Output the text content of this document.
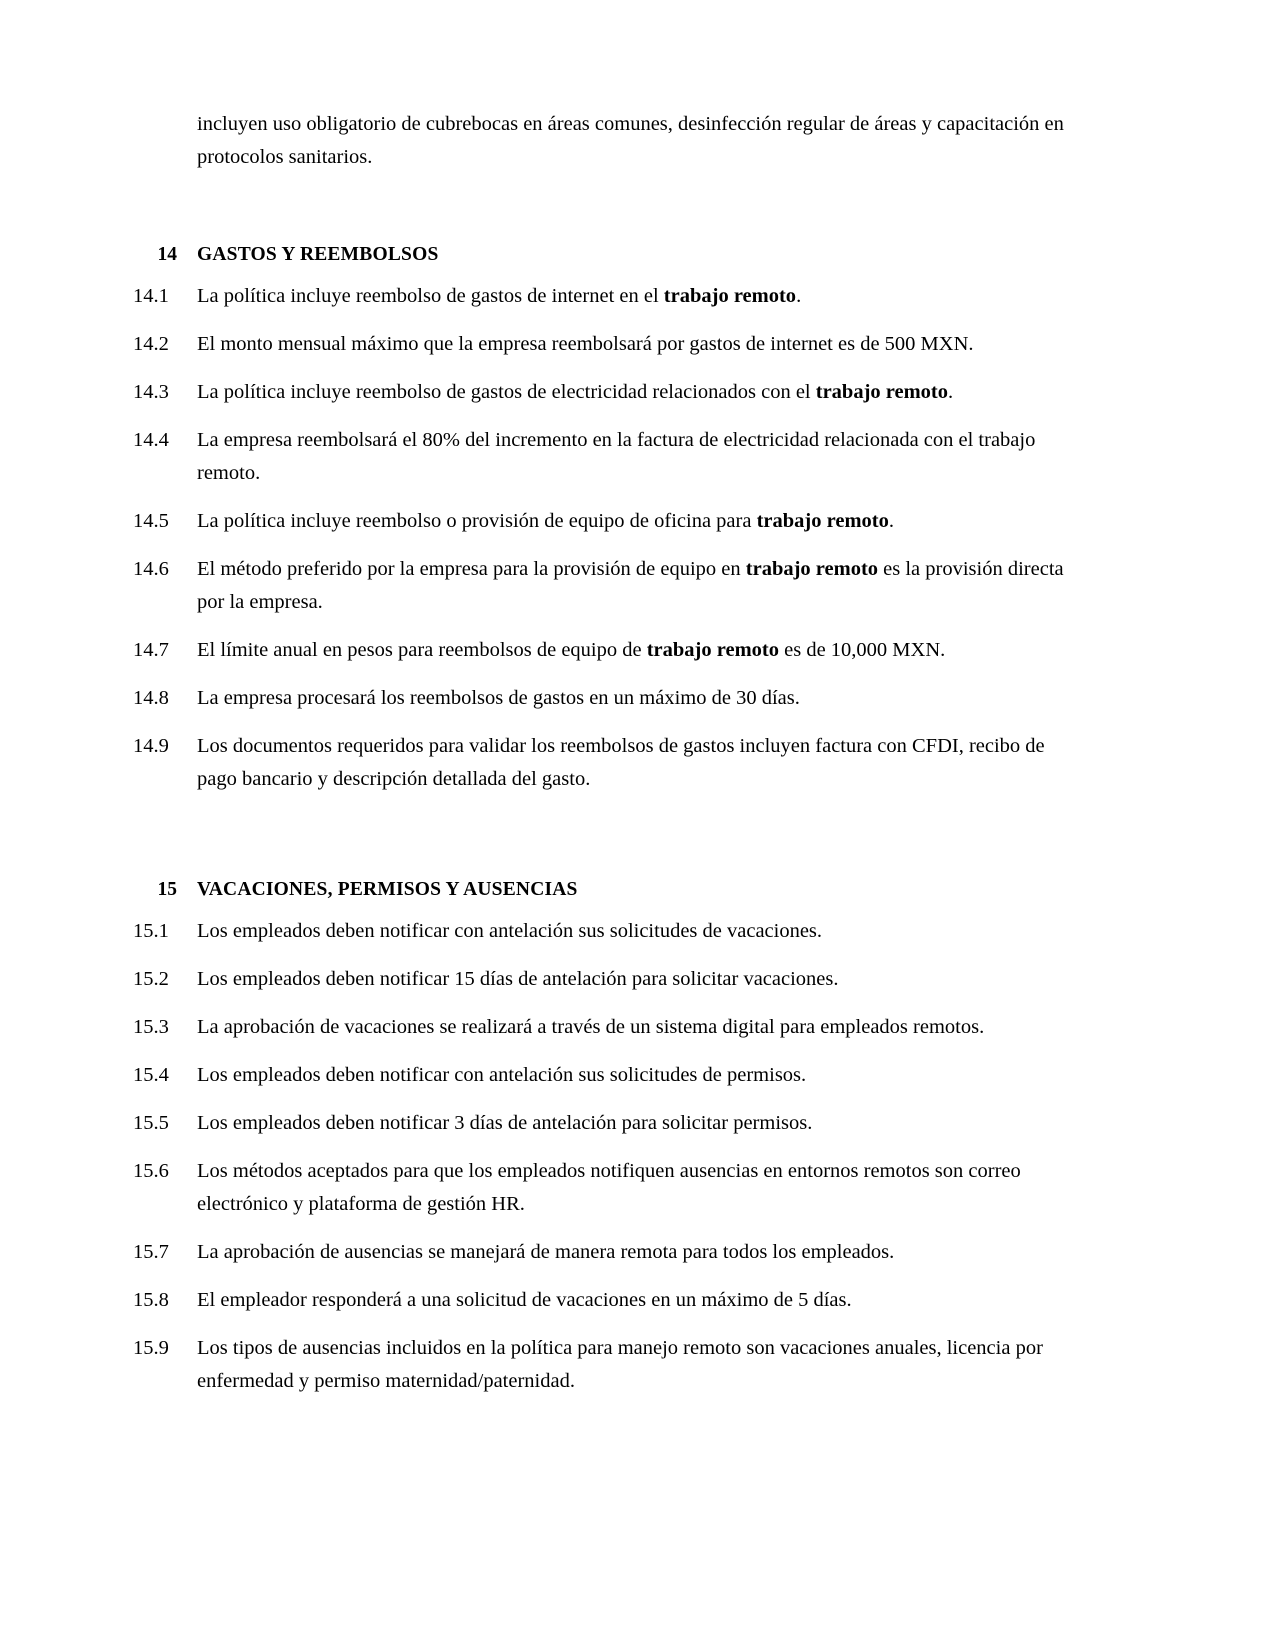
incluyen uso obligatorio de cubrebocas en áreas comunes, desinfección regular de áreas y capacitación en protocolos sanitarios.

14	GASTOS Y REEMBOLSOS
14.1	La política incluye reembolso de gastos de internet en el trabajo remoto.
14.2	El monto mensual máximo que la empresa reembolsará por gastos de internet es de 500 MXN.
14.3	La política incluye reembolso de gastos de electricidad relacionados con el trabajo remoto.
14.4	La empresa reembolsará el 80% del incremento en la factura de electricidad relacionada con el trabajo remoto.
14.5	La política incluye reembolso o provisión de equipo de oficina para trabajo remoto.
14.6	El método preferido por la empresa para la provisión de equipo en trabajo remoto es la provisión directa por la empresa.
14.7	El límite anual en pesos para reembolsos de equipo de trabajo remoto es de 10,000 MXN.
14.8	La empresa procesará los reembolsos de gastos en un máximo de 30 días.
14.9	Los documentos requeridos para validar los reembolsos de gastos incluyen factura con CFDI, recibo de pago bancario y descripción detallada del gasto.
15	VACACIONES, PERMISOS Y AUSENCIAS
15.1	Los empleados deben notificar con antelación sus solicitudes de vacaciones.
15.2	Los empleados deben notificar 15 días de antelación para solicitar vacaciones.
15.3	La aprobación de vacaciones se realizará a través de un sistema digital para empleados remotos.
15.4	Los empleados deben notificar con antelación sus solicitudes de permisos.
15.5	Los empleados deben notificar 3 días de antelación para solicitar permisos.
15.6	Los métodos aceptados para que los empleados notifiquen ausencias en entornos remotos son correo electrónico y plataforma de gestión HR.
15.7	La aprobación de ausencias se manejará de manera remota para todos los empleados.
15.8	El empleador responderá a una solicitud de vacaciones en un máximo de 5 días.
15.9	Los tipos de ausencias incluidos en la política para manejo remoto son vacaciones anuales, licencia por enfermedad y permiso maternidad/paternidad.
